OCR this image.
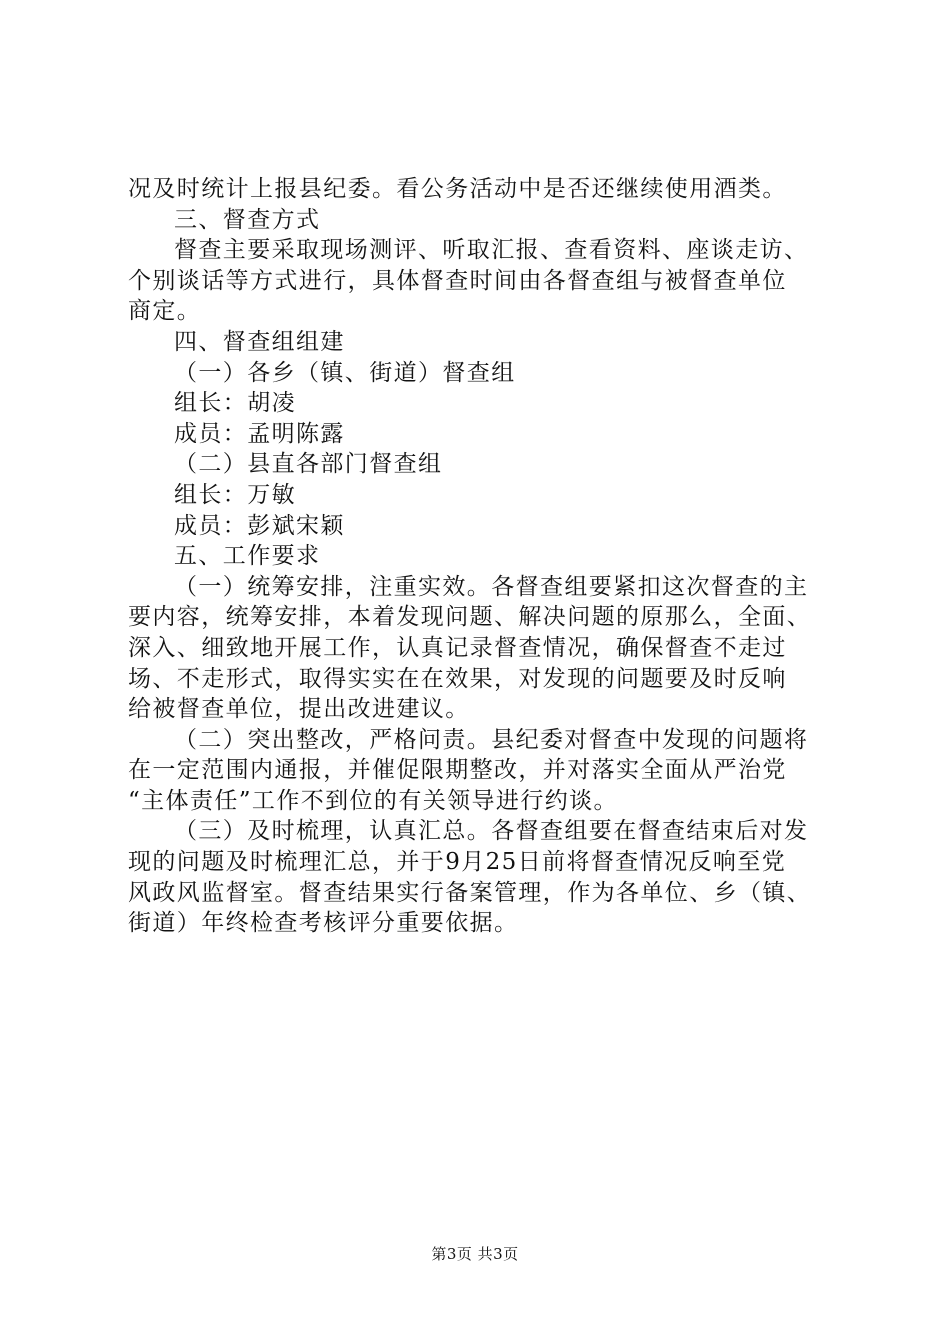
况及时统计上报县纪委。看公务活动中是否还继续使用酒类。
三、督查方式
督查主要采取现场测评、听取汇报、查看资料、座谈走访、
个别谈话等方式进行，具体督查时间由各督查组与被督查单位
商定。
四、督查组组建
（一）各乡（镇、街道）督查组
组长：胡凌
成员：孟明陈露
（二）县直各部门督查组
组长：万敏
成员：彭斌宋颖
五、工作要求
（一）统筹安排，注重实效。各督查组要紧扣这次督查的主
要内容，统筹安排，本着发现问题、解决问题的原那么，全面、
深入、细致地开展工作，认真记录督查情况，确保督查不走过
场、不走形式，取得实实在在效果，对发现的问题要及时反响
给被督查单位，提出改进建议。
（二）突出整改，严格问责。县纪委对督查中发现的问题将
在一定范围内通报，并催促限期整改，并对落实全面从严治党
“主体责任”工作不到位的有关领导进行约谈。
（三）及时梳理，认真汇总。各督查组要在督查结束后对发
现的问题及时梳理汇总，并于9月25日前将督查情况反响至党
风政风监督室。督查结果实行备案管理，作为各单位、乡（镇、
街道）年终检查考核评分重要依据。
第3页 共3页
